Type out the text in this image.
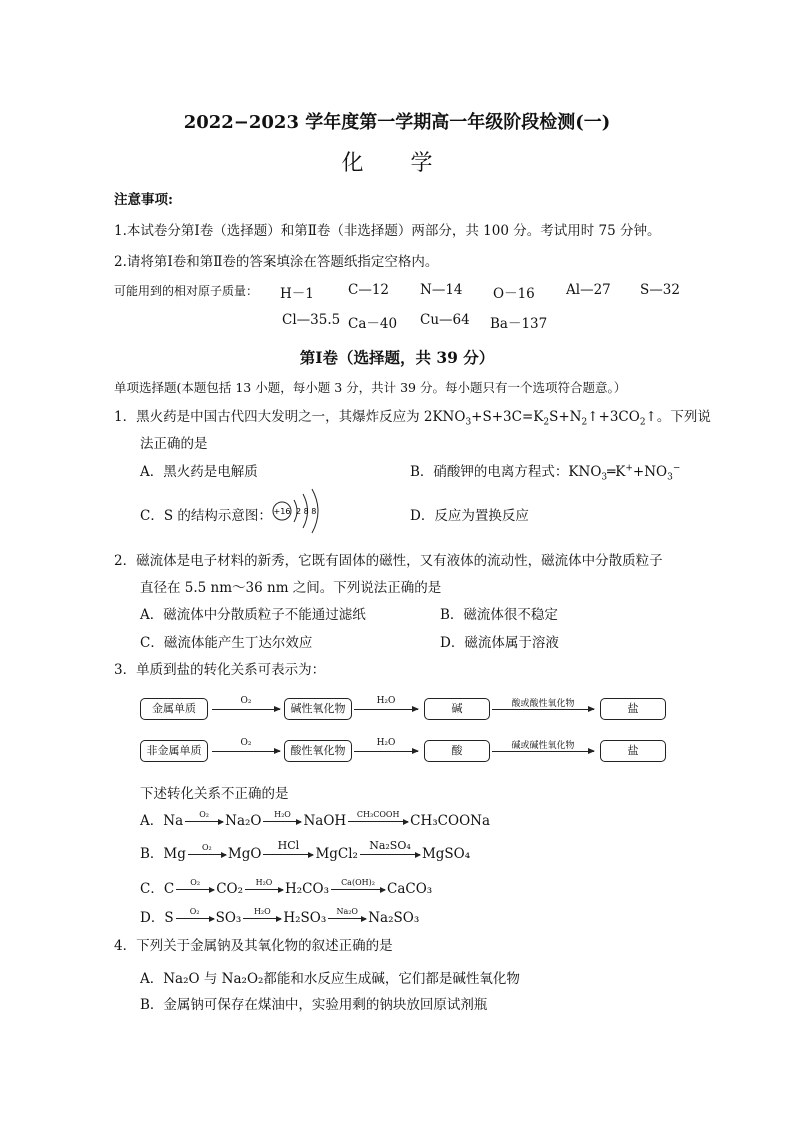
2022−2023 学年度第一学期高一年级阶段检测(一)
化 学
注意事项:
1.本试卷分第Ⅰ卷（选择题）和第Ⅱ卷（非选择题）两部分，共 100 分。考试用时 75 分钟。
2.请将第Ⅰ卷和第Ⅱ卷的答案填涂在答题纸指定空格内。
可能用到的相对原子质量： H－1	C—12 N—14 O－16 Al—27 S—32
Cl—35.5 Ca－40 Cu—64 Ba－137
第Ⅰ卷（选择题，共 39 分）
单项选择题(本题包括 13 小题，每小题 3 分，共计 39 分。每小题只有一个选项符合题意。）
1．黑火药是中国古代四大发明之一，其爆炸反应为 $2KNO_3+S+3C=K_2S+N_2↑+3CO_2↑$。下列说
法正确的是
A．黑火药是电解质	B．硝酸钾的电离方程式：$KNO_3═K^++NO_3^-$
C．S 的结构示意图： +16 2 8 8	D．反应为置换反应
2．磁流体是电子材料的新秀，它既有固体的磁性，又有液体的流动性，磁流体中分散质粒子
直径在 5.5 nm～36 nm 之间。下列说法正确的是
A．磁流体中分散质粒子不能通过滤纸	B．磁流体很不稳定
C．磁流体能产生丁达尔效应	D．磁流体属于溶液
3．单质到盐的转化关系可表示为：
金属单质
O₂
碱性氧化物
H₂O
碱	酸或酸性氧化物	盐
非金属单质
O₂
酸性氧化物
H₂O
酸	碱或碱性氧化物	盐
下述转化关系不正确的是
A．Na	O₂	Na₂O	H₂O NaOH	CH₃COOH CH₃COONa
B．Mg	O₂	MgO
HCl
MgCl₂
Na₂SO₄
MgSO₄
C．C	O₂	CO₂	H₂O H₂CO₃	Ca(OH)₂ CaCO₃
D．S	O₂	SO₃	H₂O H₂SO₃	Na₂O Na₂SO₃
4．下列关于金属钠及其氧化物的叙述正确的是
A．Na₂O 与 Na₂O₂都能和水反应生成碱，它们都是碱性氧化物
B．金属钠可保存在煤油中，实验用剩的钠块放回原试剂瓶
